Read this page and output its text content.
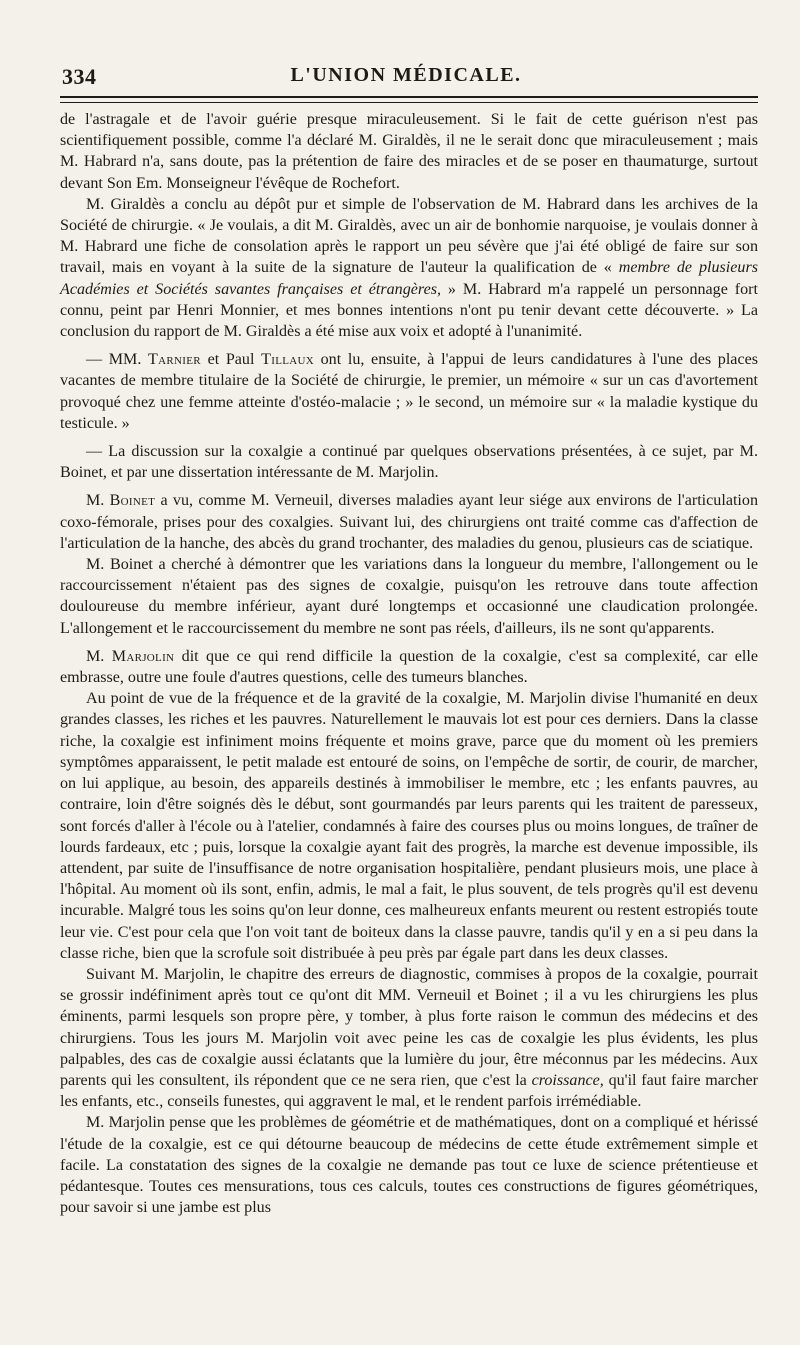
334	L'UNION MÉDICALE.

de l'astragale et de l'avoir guérie presque miraculeusement. Si le fait de cette guérison n'est pas scientifiquement possible, comme l'a déclaré M. Giraldès, il ne le serait donc que miraculeusement ; mais M. Habrard n'a, sans doute, pas la prétention de faire des miracles et de se poser en thaumaturge, surtout devant Son Em. Monseigneur l'évêque de Rochefort.

M. Giraldès a conclu au dépôt pur et simple de l'observation de M. Habrard dans les archives de la Société de chirurgie. « Je voulais, a dit M. Giraldès, avec un air de bonhomie narquoise, je voulais donner à M. Habrard une fiche de consolation après le rapport un peu sévère que j'ai été obligé de faire sur son travail, mais en voyant à la suite de la signature de l'auteur la qualification de « membre de plusieurs Académies et Sociétés savantes françaises et étrangères, » M. Habrard m'a rappelé un personnage fort connu, peint par Henri Monnier, et mes bonnes intentions n'ont pu tenir devant cette découverte. » La conclusion du rapport de M. Giraldès a été mise aux voix et adopté à l'unanimité.

— MM. Tarnier et Paul Tillaux ont lu, ensuite, à l'appui de leurs candidatures à l'une des places vacantes de membre titulaire de la Société de chirurgie, le premier, un mémoire « sur un cas d'avortement provoqué chez une femme atteinte d'ostéo-malacie ; » le second, un mémoire sur « la maladie kystique du testicule. »

— La discussion sur la coxalgie a continué par quelques observations présentées, à ce sujet, par M. Boinet, et par une dissertation intéressante de M. Marjolin.

M. Boinet a vu, comme M. Verneuil, diverses maladies ayant leur siége aux environs de l'articulation coxo-fémorale, prises pour des coxalgies. Suivant lui, des chirurgiens ont traité comme cas d'affection de l'articulation de la hanche, des abcès du grand trochanter, des maladies du genou, plusieurs cas de sciatique.

M. Boinet a cherché à démontrer que les variations dans la longueur du membre, l'allongement ou le raccourcissement n'étaient pas des signes de coxalgie, puisqu'on les retrouve dans toute affection douloureuse du membre inférieur, ayant duré longtemps et occasionné une claudication prolongée. L'allongement et le raccourcissement du membre ne sont pas réels, d'ailleurs, ils ne sont qu'apparents.

M. Marjolin dit que ce qui rend difficile la question de la coxalgie, c'est sa complexité, car elle embrasse, outre une foule d'autres questions, celle des tumeurs blanches.

Au point de vue de la fréquence et de la gravité de la coxalgie, M. Marjolin divise l'humanité en deux grandes classes, les riches et les pauvres. Naturellement le mauvais lot est pour ces derniers. Dans la classe riche, la coxalgie est infiniment moins fréquente et moins grave, parce que du moment où les premiers symptômes apparaissent, le petit malade est entouré de soins, on l'empêche de sortir, de courir, de marcher, on lui applique, au besoin, des appareils destinés à immobiliser le membre, etc ; les enfants pauvres, au contraire, loin d'être soignés dès le début, sont gourmandés par leurs parents qui les traitent de paresseux, sont forcés d'aller à l'école ou à l'atelier, condamnés à faire des courses plus ou moins longues, de traîner de lourds fardeaux, etc ; puis, lorsque la coxalgie ayant fait des progrès, la marche est devenue impossible, ils attendent, par suite de l'insuffisance de notre organisation hospitalière, pendant plusieurs mois, une place à l'hôpital. Au moment où ils sont, enfin, admis, le mal a fait, le plus souvent, de tels progrès qu'il est devenu incurable. Malgré tous les soins qu'on leur donne, ces malheureux enfants meurent ou restent estropiés toute leur vie. C'est pour cela que l'on voit tant de boiteux dans la classe pauvre, tandis qu'il y en a si peu dans la classe riche, bien que la scrofule soit distribuée à peu près par égale part dans les deux classes.

Suivant M. Marjolin, le chapitre des erreurs de diagnostic, commises à propos de la coxalgie, pourrait se grossir indéfiniment après tout ce qu'ont dit MM. Verneuil et Boinet ; il a vu les chirurgiens les plus éminents, parmi lesquels son propre père, y tomber, à plus forte raison le commun des médecins et des chirurgiens. Tous les jours M. Marjolin voit avec peine les cas de coxalgie les plus évidents, les plus palpables, des cas de coxalgie aussi éclatants que la lumière du jour, être méconnus par les médecins. Aux parents qui les consultent, ils répondent que ce ne sera rien, que c'est la croissance, qu'il faut faire marcher les enfants, etc., conseils funestes, qui aggravent le mal, et le rendent parfois irrémédiable.

M. Marjolin pense que les problèmes de géométrie et de mathématiques, dont on a compliqué et hérissé l'étude de la coxalgie, est ce qui détourne beaucoup de médecins de cette étude extrêmement simple et facile. La constatation des signes de la coxalgie ne demande pas tout ce luxe de science prétentieuse et pédantesque. Toutes ces mensurations, tous ces calculs, toutes ces constructions de figures géométriques, pour savoir si une jambe est plus
